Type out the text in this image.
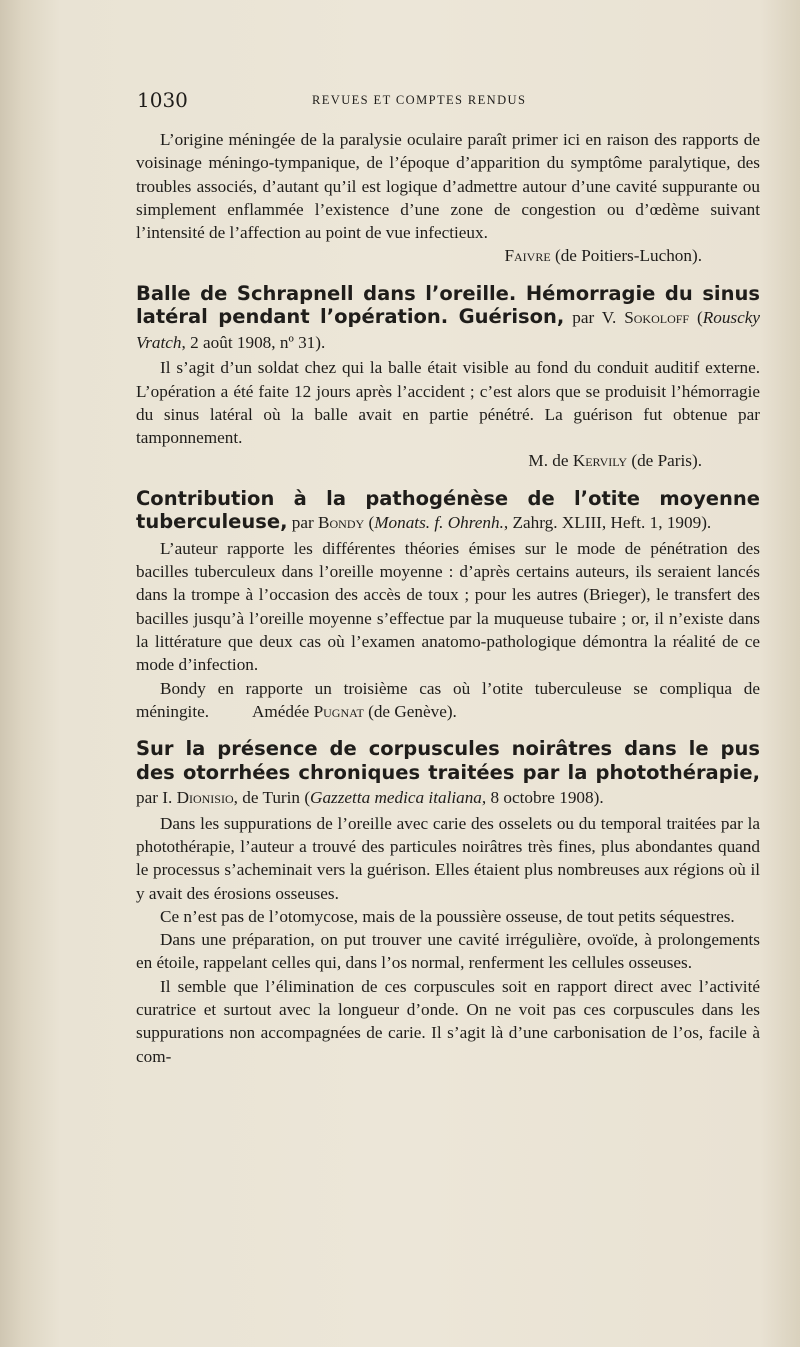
1030	REVUES ET COMPTES RENDUS

L’origine méningée de la paralysie oculaire paraît primer ici en raison des rapports de voisinage méningo-tympanique, de l’époque d’apparition du symptôme paralytique, des troubles associés, d’autant qu’il est logique d’admettre autour d’une cavité suppurante ou simplement enflammée l’existence d’une zone de congestion ou d’œdème suivant l’intensité de l’affection au point de vue infectieux.

Faivre (de Poitiers-Luchon).

Balle de Schrapnell dans l’oreille. Hémorragie du sinus latéral pendant l’opération. Guérison, par V. Sokoloff (Rouscky Vratch, 2 août 1908, nº 31).

Il s’agit d’un soldat chez qui la balle était visible au fond du conduit auditif externe. L’opération a été faite 12 jours après l’accident ; c’est alors que se produisit l’hémorragie du sinus latéral où la balle avait en partie pénétré. La guérison fut obtenue par tamponnement.

M. de Kervily (de Paris).

Contribution à la pathogénèse de l’otite moyenne tuberculeuse, par Bondy (Monats. f. Ohrenh., Zahrg. XLIII, Heft. 1, 1909).

L’auteur rapporte les différentes théories émises sur le mode de pénétration des bacilles tuberculeux dans l’oreille moyenne : d’après certains auteurs, ils seraient lancés dans la trompe à l’occasion des accès de toux ; pour les autres (Brieger), le transfert des bacilles jusqu’à l’oreille moyenne s’effectue par la muqueuse tubaire ; or, il n’existe dans la littérature que deux cas où l’examen anatomo-pathologique démontra la réalité de ce mode d’infection.

Bondy en rapporte un troisième cas où l’otite tuberculeuse se compliqua de méningite.    Amédée Pugnat (de Genève).

Sur la présence de corpuscules noirâtres dans le pus des otorrhées chroniques traitées par la photothérapie, par I. Dionisio, de Turin (Gazzetta medica italiana, 8 octobre 1908).

Dans les suppurations de l’oreille avec carie des osselets ou du temporal traitées par la photothérapie, l’auteur a trouvé des particules noirâtres très fines, plus abondantes quand le processus s’acheminait vers la guérison. Elles étaient plus nombreuses aux régions où il y avait des érosions osseuses.

Ce n’est pas de l’otomycose, mais de la poussière osseuse, de tout petits séquestres.

Dans une préparation, on put trouver une cavité irrégulière, ovoïde, à prolongements en étoile, rappelant celles qui, dans l’os normal, renferment les cellules osseuses.

Il semble que l’élimination de ces corpuscules soit en rapport direct avec l’activité curatrice et surtout avec la longueur d’onde. On ne voit pas ces corpuscules dans les suppurations non accompagnées de carie. Il s’agit là d’une carbonisation de l’os, facile à com-
